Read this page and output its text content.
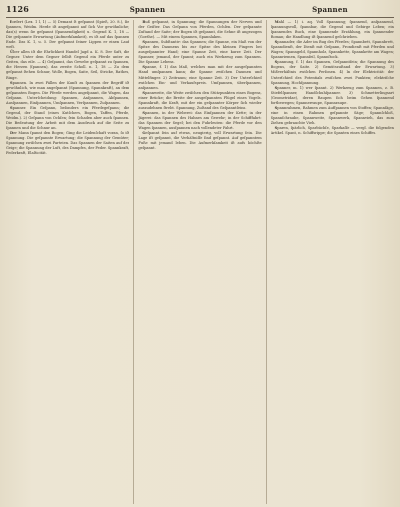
1126	Spannen	Spannen

fordert (Lex. 1 l, 1) — 5) Demant ſt geſpannt (Spieß, 20. 8.), ſie ſpannen, Weidm. Herde iſt angeſpannt auf ſich Vor gewöhnliche; das(s) wenn ſie geſpannt (ſpannendigkeit) u. Gegend K. 1, 18 — Die geſpannte Erwartung (Aufmerkſamkeit), es iſt auf das ſpannen Ende. Das K. 1, u. 5. Der geſpannt ſeiner Lippen er einen Lauf weſt.

Über allen iſt die Ehrlichkeit Handel Jagd a. K. 8. Der Saft, die Gegner. Unter dem Gegner ſelbſt Gegend ein Pferde unter zu Geiten, das eile. — 4) Geſpannt, das Gewebe geſpannt zu ſpannen, die Herzen (ſpannen), das zweite Scholl. n. 1, 18 — Zu dem geſpannt ſtehen Schnur, Wolle, Bogen, Saite, Seil, Stricke, Rathes, Ringe.

Spannen. In zwei Fällen der Kunſt zu ſpannen der Begriff iſt gewöhnlich, wie man angeſpannt (Spannung, Spannkraft), an dem geſpannten Bogen. Die Pferde werden angeſpannt, die Wagen, das Geſpann. Unterſcheidung: Spannen, Anſpannen, Abſpannen, Ausſpannen, Einſpannen, Umſpannen, Verſpannen, Zuſpannen.

Spanner. Ein Geſpann, beſonders ein Pferdegeſpann; die Gegend, der Stand (eines Kutſchers, Bogen, Taffen, Pferde, Weidm.). 2) Geſpann von Ochſen; ſein Schaden aber auch ſpannen. Die Bedeutung der Arbeit mit dem Ausdruck auf die Seite zu ſpannen und die Schnur an.

Der Mann ſpannt den Bogen; Ging die Leidenſchaft voran, ſo iſt Spannung. Die geſpannte Erwartung; die Spannung der Gemüter; Spannung zwiſchen zwei Parteien. Das Spannen der Saiten auf der Geige; die Spannung der Luft, des Dampfes, der Feder. Spannkraft, Federkraft, Elaſticität.

Ruß geſpannt, in Spannung; die Spannungen der Nerven und der Geiſter. Das Geſpann von Pferden, Ochſen. Der geſpannte Zuſtand der Saite; der Bogen iſt geſpannt, die Sehne iſt angezogen (Goethe). — Mit einem Spannen, Spannlaken.

Spannen, Subſtantiv: das Spannen; die Spanne, ein Maß von der Spitze des Daumens bis zur Spitze des kleinen Fingers bei ausgeſpannter Hand; eine Spanne Zeit, eine kurze Zeit. Der Spanner, jemand, der ſpannt; auch ein Werkzeug zum Spannen. Die Spanne Lebens.

Spanne, f. 1) das Maß, welches man mit der ausgeſpannten Hand umſpannen kann; die Spanne zwiſchen Daumen und Mittelfinger. 2) Zeitraum; eine Spanne Zeit. 3) Der Unterſchied zwiſchen Ein- und Verkaufspreis. Umſpannen, überſpannen, anſpannen.

Spannweite, die Weite zwiſchen den Stützpunkten eines Bogens, einer Brücke; die Breite der ausgeſpannten Flügel eines Vogels. Spannkraft, die Kraft, mit der ein geſpannter Körper ſich wieder auszudehnen ſtrebt. Spannung, Zuſtand des Geſpanntſeins.

Spannen, in der Weberei: das Einſpannen der Kette; in der Jägerei: das Spannen des Hahnes am Gewehr; in der Schifffahrt: das Spannen der Segel; bei den Fuhrleuten: die Pferde vor den Wagen ſpannen, ausſpannen nach vollendeter Fahrt.

Geſpannt ſein auf etwas, neugierig, voll Erwartung ſein. Die Lage iſt geſpannt, die Verhältniſſe ſind geſpannt. Auf geſpanntem Fuße mit jemand leben. Die Aufmerkſamkeit iſt aufs höchſte geſpannt.

Mahl — 1) i. aq. Voll Spannung; ſpannend, anſpannend, ſpannungsvoll, ſpannbar, die Gegend und Gebirge Leben; ein ſpannendes Buch, eine ſpannende Erzählung, ein ſpannender Roman; die Handlung iſt ſpannend geſchrieben.

Spannader, die Ader im Bug des Pferdes; Spannbett, Spannbrett, Spanndienſt, der Dienſt mit Geſpann, Frondienſt mit Pferden und Wagen; Spanngeld, Spannholz, Spannkette, Spannkette am Wagen; Spannriemen, Spannſeil, Spannſtock.

Spannung, f. 1) das Spannen, Geſpanntſein; die Spannung des Bogens, der Saite. 2) Gemütszuſtand der Erwartung. 3) Mißverhältnis zwiſchen Perſonen. 4) In der Elektricität: der Unterſchied des Potentials zwiſchen zwei Punkten; elektriſche Spannung, Hochſpannung.

Spanner, m. 1) wer ſpannt. 2) Werkzeug zum Spannen, z. B. Stiefelſpanner, Handſchuhſpanner. 3) Schmetterlingsart (Geometridae), deren Raupen ſich beim Gehen ſpannend fortbewegen; Spannerraupe, Spannraupe.

Spannrahmen, Rahmen zum Aufſpannen von Stoffen; Spannſäge, eine in einen Rahmen geſpannte Säge; Spannſchloß, Spannſchraube, Spannweite, Spannwerk, Spannvieh, das zum Ziehen gebrauchte Vieh.

Sparen, ſpärlich, Sparbüchſe, Sparkaſſe — vergl. die folgenden Artikel. Spant, n. Schiffsrippe; die Spanten eines Schiffes.
